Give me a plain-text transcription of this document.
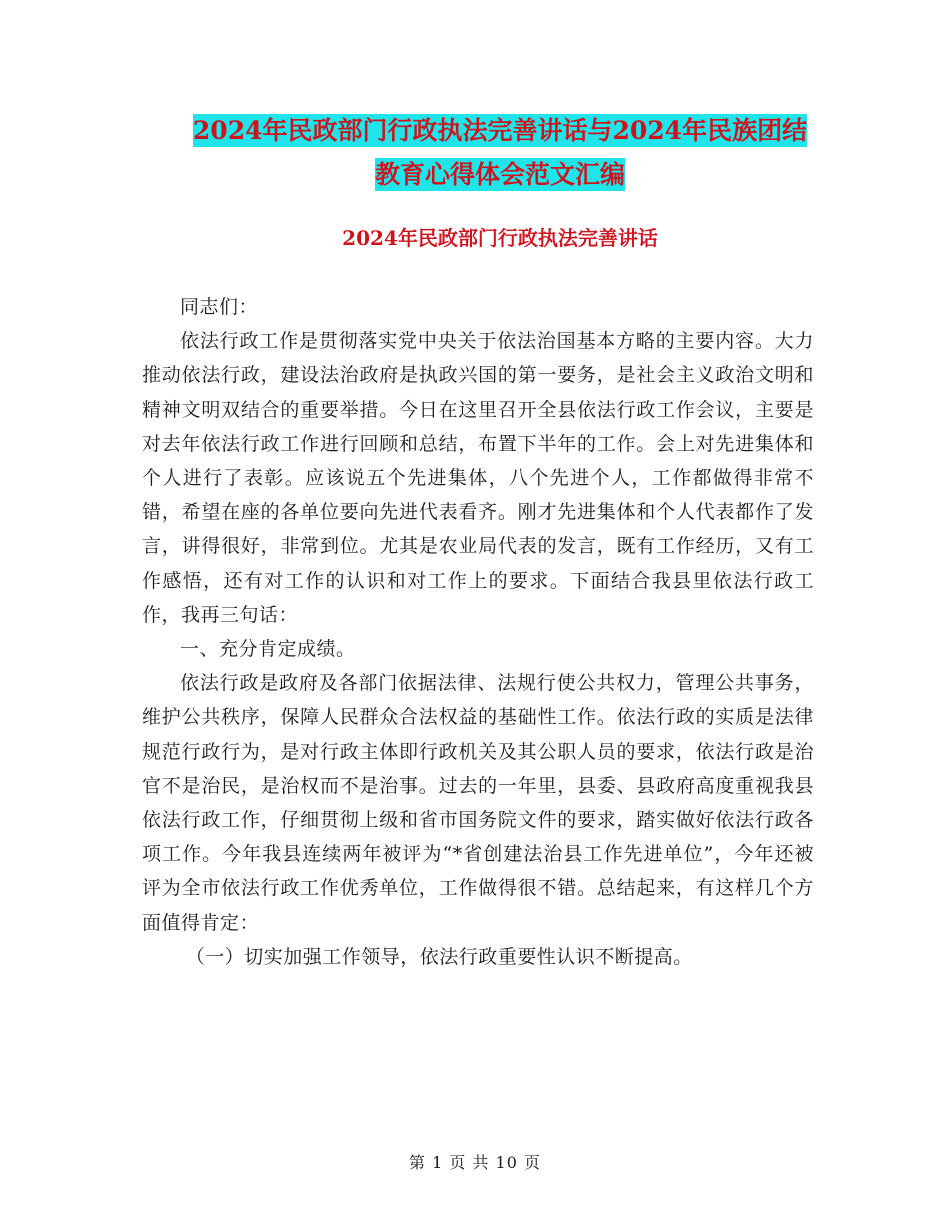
2024年民政部门行政执法完善讲话与2024年民族团结
教育心得体会范文汇编
2024年民政部门行政执法完善讲话

同志们：

依法行政工作是贯彻落实党中央关于依法治国基本方略的主要内容。大力推动依法行政，建设法治政府是执政兴国的第一要务，是社会主义政治文明和精神文明双结合的重要举措。今日在这里召开全县依法行政工作会议，主要是对去年依法行政工作进行回顾和总结，布置下半年的工作。会上对先进集体和个人进行了表彰。应该说五个先进集体，八个先进个人，工作都做得非常不错，希望在座的各单位要向先进代表看齐。刚才先进集体和个人代表都作了发言，讲得很好，非常到位。尤其是农业局代表的发言，既有工作经历，又有工作感悟，还有对工作的认识和对工作上的要求。下面结合我县里依法行政工作，我再三句话：

一、充分肯定成绩。

依法行政是政府及各部门依据法律、法规行使公共权力，管理公共事务，维护公共秩序，保障人民群众合法权益的基础性工作。依法行政的实质是法律规范行政行为，是对行政主体即行政机关及其公职人员的要求，依法行政是治官不是治民，是治权而不是治事。过去的一年里，县委、县政府高度重视我县依法行政工作，仔细贯彻上级和省市国务院文件的要求，踏实做好依法行政各项工作。今年我县连续两年被评为“*省创建法治县工作先进单位”，今年还被评为全市依法行政工作优秀单位，工作做得很不错。总结起来，有这样几个方面值得肯定：

（一）切实加强工作领导，依法行政重要性认识不断提高。

第 1 页 共 10 页
